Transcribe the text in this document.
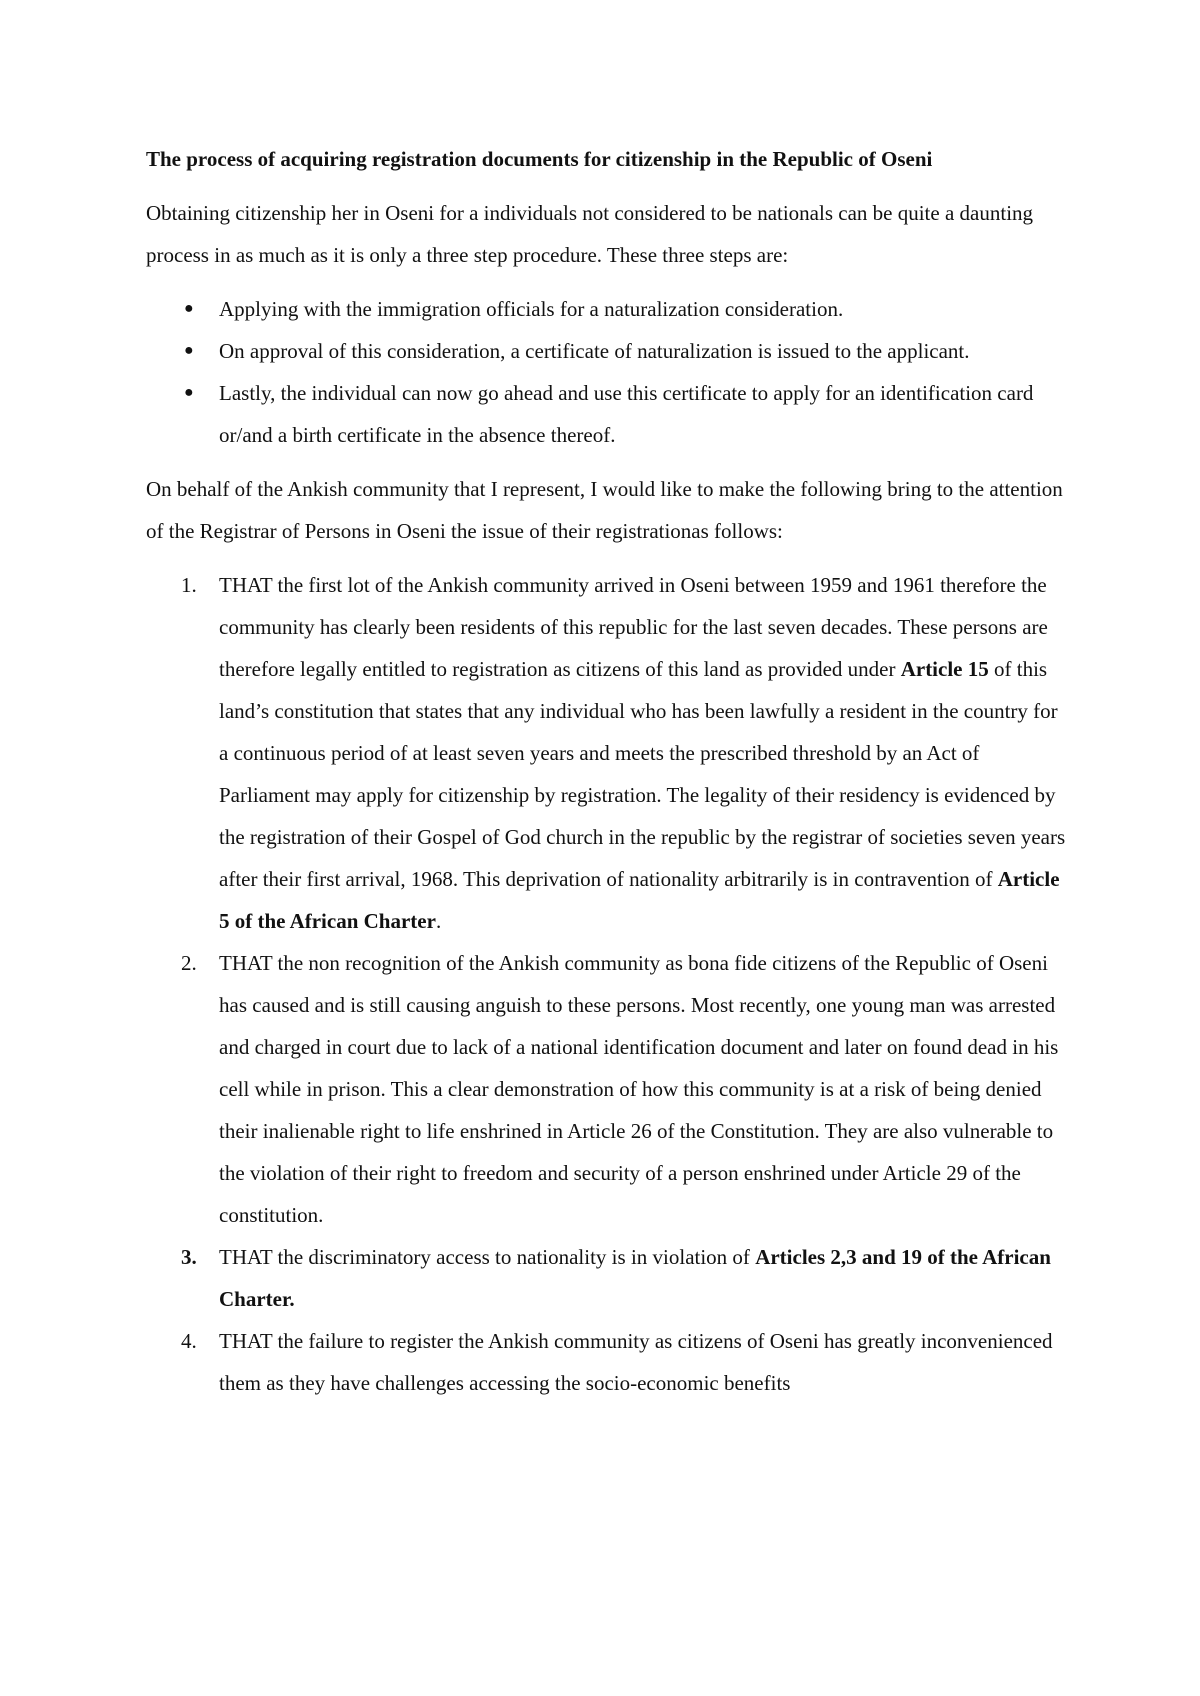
The process of acquiring registration documents for citizenship in the Republic of Oseni

Obtaining citizenship her in Oseni for a individuals not considered to be nationals can be quite a daunting process in as much as it is only a three step procedure. These three steps are:

● Applying with the immigration officials for a naturalization consideration.
● On approval of this consideration, a certificate of naturalization is issued to the applicant.
● Lastly, the individual can now go ahead and use this certificate to apply for an identification card or/and a birth certificate in the absence thereof.

On behalf of the Ankish community that I represent, I would like to make the following bring to the attention of the Registrar of Persons in Oseni the issue of their registrationas follows:

1. THAT the first lot of the Ankish community arrived in Oseni between 1959 and 1961 therefore the community has clearly been residents of this republic for the last seven decades. These persons are therefore legally entitled to registration as citizens of this land as provided under Article 15 of this land’s constitution that states that any individual who has been lawfully a resident in the country for a continuous period of at least seven years and meets the prescribed threshold by an Act of Parliament may apply for citizenship by registration. The legality of their residency is evidenced by the registration of their Gospel of God church in the republic by the registrar of societies seven years after their first arrival, 1968. This deprivation of nationality arbitrarily is in contravention of Article 5 of the African Charter.
2. THAT the non recognition of the Ankish community as bona fide citizens of the Republic of Oseni has caused and is still causing anguish to these persons. Most recently, one young man was arrested and charged in court due to lack of a national identification document and later on found dead in his cell while in prison. This a clear demonstration of how this community is at a risk of being denied their inalienable right to life enshrined in Article 26 of the Constitution. They are also vulnerable to the violation of their right to freedom and security of a person enshrined under Article 29 of the constitution.
3. THAT the discriminatory access to nationality is in violation of Articles 2,3 and 19 of the African Charter.
4. THAT the failure to register the Ankish community as citizens of Oseni has greatly inconvenienced them as they have challenges accessing the socio-economic benefits
